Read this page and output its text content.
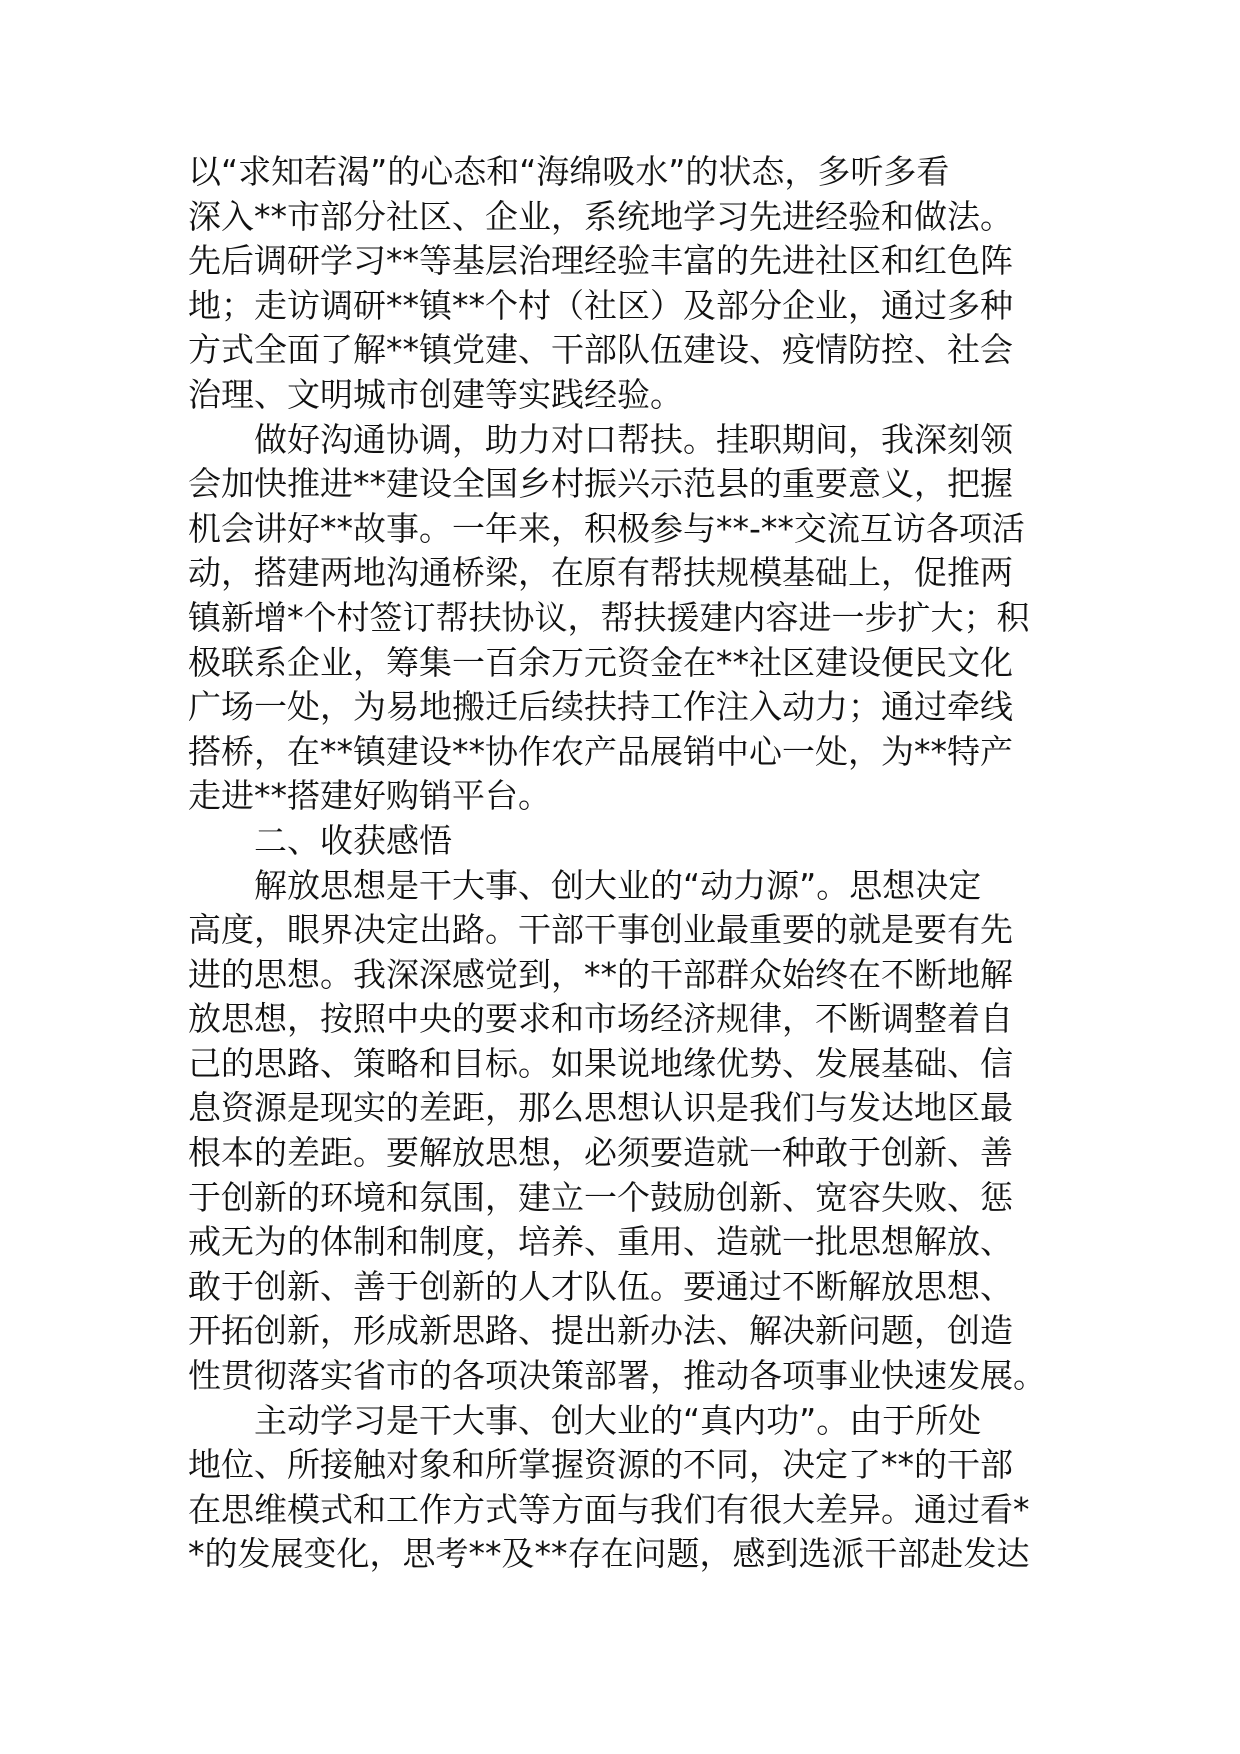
以“求知若渴”的心态和“海绵吸水”的状态，多听多看
深入**市部分社区、企业，系统地学习先进经验和做法。
先后调研学习**等基层治理经验丰富的先进社区和红色阵
地；走访调研**镇**个村（社区）及部分企业，通过多种
方式全面了解**镇党建、干部队伍建设、疫情防控、社会
治理、文明城市创建等实践经验。
做好沟通协调，助力对口帮扶。挂职期间，我深刻领
会加快推进**建设全国乡村振兴示范县的重要意义，把握
机会讲好**故事。一年来，积极参与**-**交流互访各项活
动，搭建两地沟通桥梁，在原有帮扶规模基础上，促推两
镇新增*个村签订帮扶协议，帮扶援建内容进一步扩大；积
极联系企业，筹集一百余万元资金在**社区建设便民文化
广场一处，为易地搬迁后续扶持工作注入动力；通过牵线
搭桥，在**镇建设**协作农产品展销中心一处，为**特产
走进**搭建好购销平台。
二、收获感悟
解放思想是干大事、创大业的“动力源”。思想决定
高度，眼界决定出路。干部干事创业最重要的就是要有先
进的思想。我深深感觉到，**的干部群众始终在不断地解
放思想，按照中央的要求和市场经济规律，不断调整着自
己的思路、策略和目标。如果说地缘优势、发展基础、信
息资源是现实的差距，那么思想认识是我们与发达地区最
根本的差距。要解放思想，必须要造就一种敢于创新、善
于创新的环境和氛围，建立一个鼓励创新、宽容失败、惩
戒无为的体制和制度，培养、重用、造就一批思想解放、
敢于创新、善于创新的人才队伍。要通过不断解放思想、
开拓创新，形成新思路、提出新办法、解决新问题，创造
性贯彻落实省市的各项决策部署，推动各项事业快速发展。
主动学习是干大事、创大业的“真内功”。由于所处
地位、所接触对象和所掌握资源的不同，决定了**的干部
在思维模式和工作方式等方面与我们有很大差异。通过看*
*的发展变化，思考**及**存在问题，感到选派干部赴发达
